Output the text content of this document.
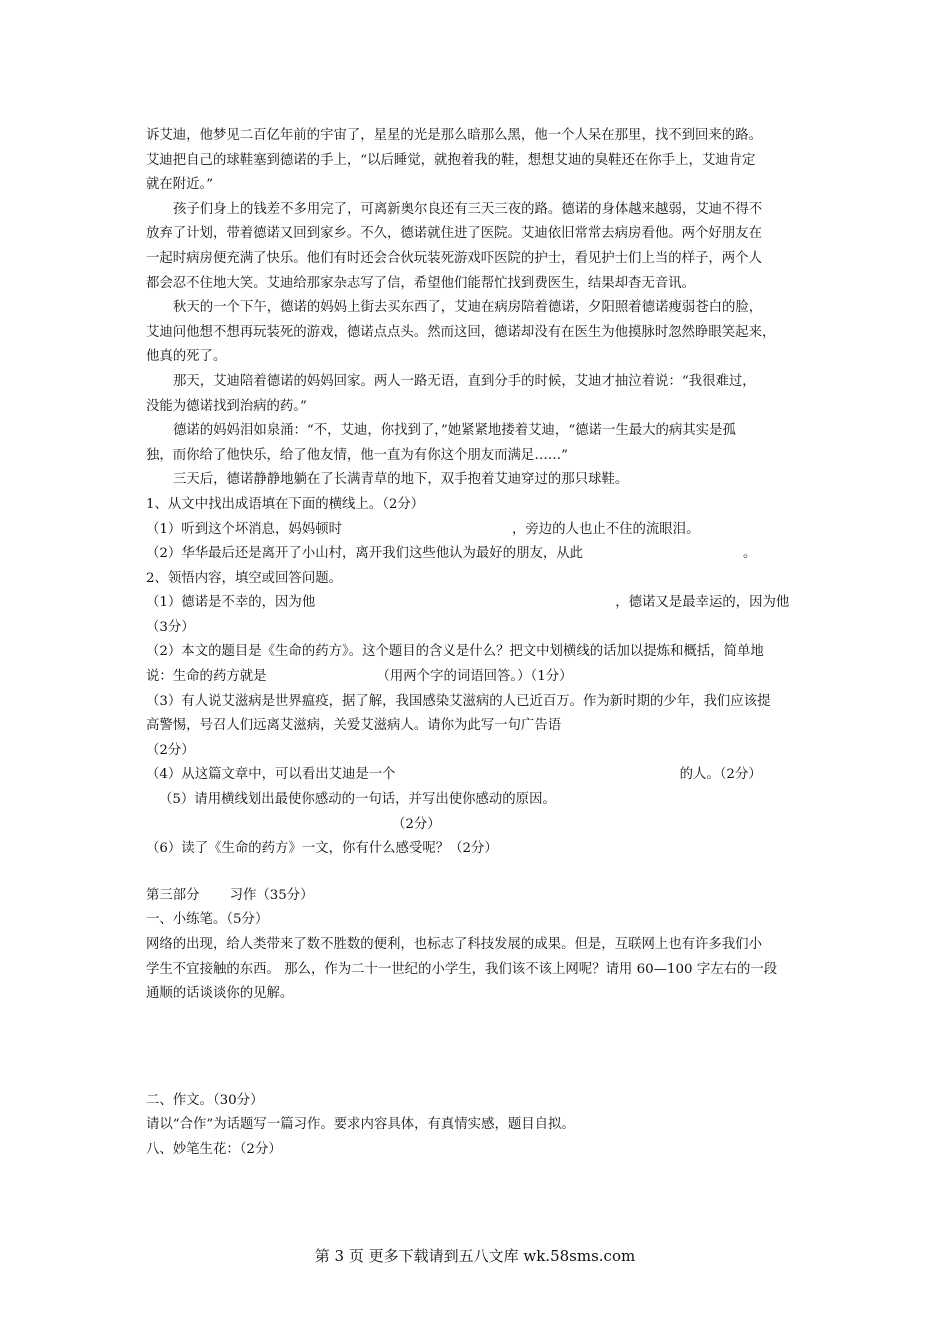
诉艾迪，他梦见二百亿年前的宇宙了，星星的光是那么暗那么黑，他一个人呆在那里，找不到回来的路。
艾迪把自己的球鞋塞到德诺的手上，“以后睡觉，就抱着我的鞋，想想艾迪的臭鞋还在你手上，艾迪肯定
就在附近。”
孩子们身上的钱差不多用完了，可离新奥尔良还有三天三夜的路。德诺的身体越来越弱，艾迪不得不
放弃了计划，带着德诺又回到家乡。不久，德诺就住进了医院。艾迪依旧常常去病房看他。两个好朋友在
一起时病房便充满了快乐。他们有时还会合伙玩装死游戏吓医院的护士，看见护士们上当的样子，两个人
都会忍不住地大笑。艾迪给那家杂志写了信，希望他们能帮忙找到费医生，结果却杳无音讯。
秋天的一个下午，德诺的妈妈上街去买东西了，艾迪在病房陪着德诺，夕阳照着德诺瘦弱苍白的脸，
艾迪问他想不想再玩装死的游戏，德诺点点头。然而这回，德诺却没有在医生为他摸脉时忽然睁眼笑起来，
他真的死了。
那天，艾迪陪着德诺的妈妈回家。两人一路无语，直到分手的时候，艾迪才抽泣着说：“我很难过，
没能为德诺找到治病的药。”
德诺的妈妈泪如泉涌：“不，艾迪，你找到了，”她紧紧地搂着艾迪，“德诺一生最大的病其实是孤
独，而你给了他快乐，给了他友情，他一直为有你这个朋友而满足……”
三天后，德诺静静地躺在了长满青草的地下，双手抱着艾迪穿过的那只球鞋。
1、从文中找出成语填在下面的横线上。（2分）
（1）听到这个坏消息，妈妈顿时	，旁边的人也止不住的流眼泪。
（2）华华最后还是离开了小山村，离开我们这些他认为最好的朋友，从此	。
2、领悟内容，填空或回答问题。
（1）德诺是不幸的，因为他	，德诺又是最幸运的，因为他
（3分）
（2）本文的题目是《生命的药方》。这个题目的含义是什么？把文中划横线的话加以提炼和概括，简单地
说：生命的药方就是	（用两个字的词语回答。）（1分）
（3）有人说艾滋病是世界瘟疫，据了解，我国感染艾滋病的人已近百万。作为新时期的少年，我们应该提
高警惕，号召人们远离艾滋病，关爱艾滋病人。请你为此写一句广告语
（2分）
（4）从这篇文章中，可以看出艾迪是一个	的人。（2分）
（5）请用横线划出最使你感动的一句话，并写出使你感动的原因。
（2分）
（6）读了《生命的药方》一文，你有什么感受呢？（2分）
第三部分 习作（35分）
一、小练笔。（5分）
网络的出现，给人类带来了数不胜数的便利，也标志了科技发展的成果。但是，互联网上也有许多我们小
学生不宜接触的东西。 那么，作为二十一世纪的小学生，我们该不该上网呢？请用 60—100 字左右的一段
通顺的话谈谈你的见解。
二、作文。（30分）
请以“合作”为话题写一篇习作。要求内容具体，有真情实感，题目自拟。
八、妙笔生花：（2分）
第 3 页 更多下载请到五八文库 wk.58sms.com
